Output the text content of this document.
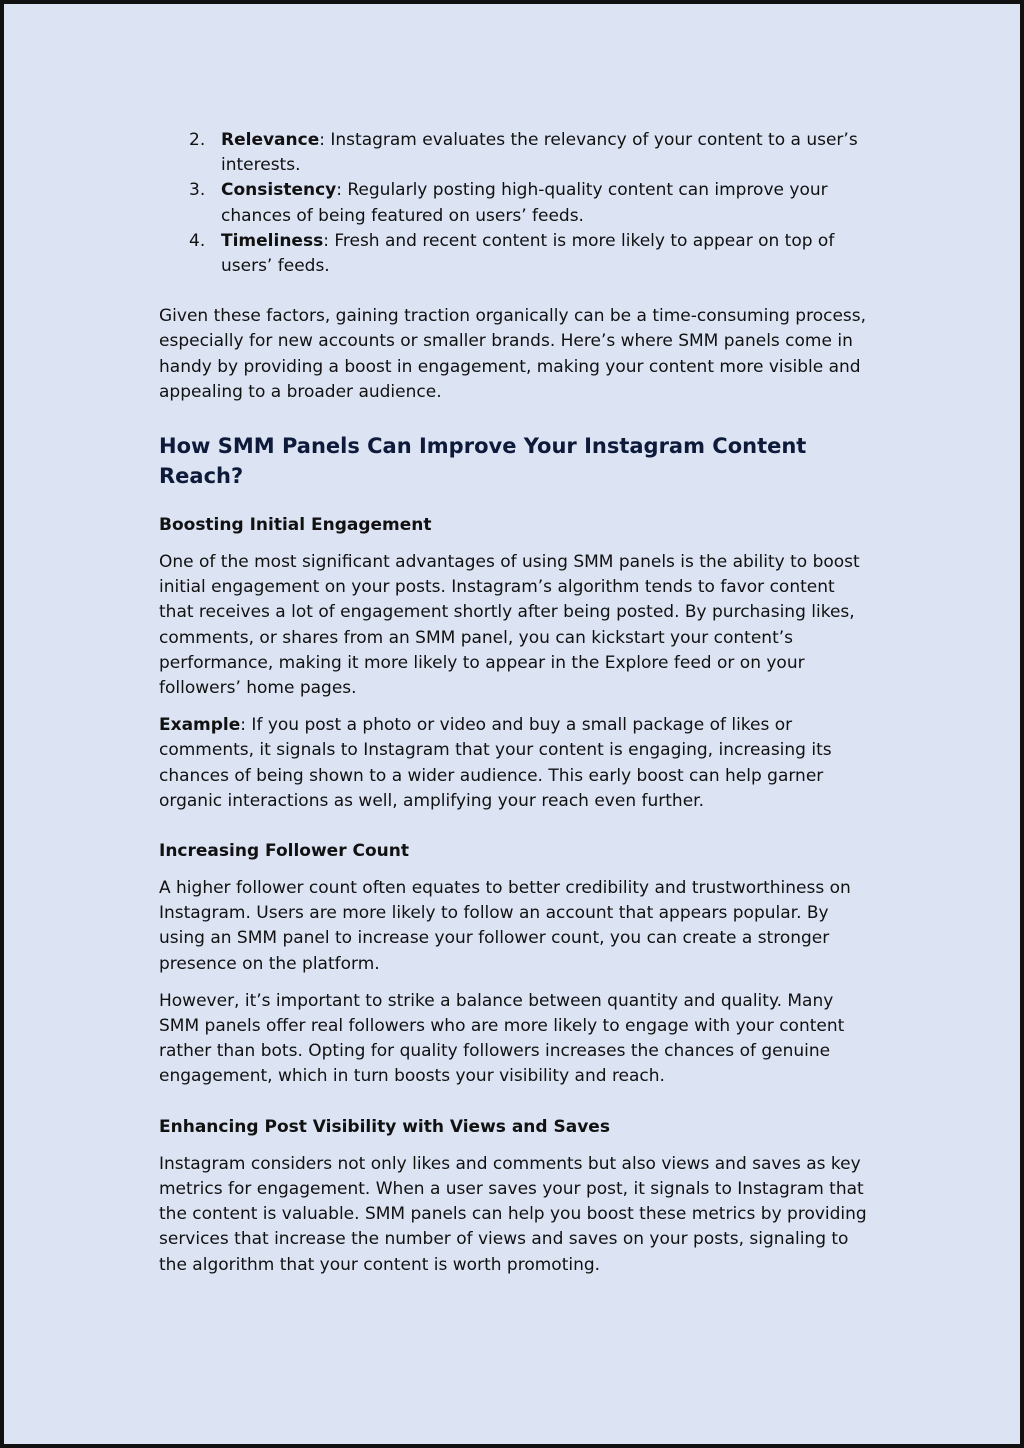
2. Relevance: Instagram evaluates the relevancy of your content to a user’s interests.
3. Consistency: Regularly posting high-quality content can improve your chances of being featured on users’ feeds.
4. Timeliness: Fresh and recent content is more likely to appear on top of users’ feeds.

Given these factors, gaining traction organically can be a time-consuming process, especially for new accounts or smaller brands. Here’s where SMM panels come in handy by providing a boost in engagement, making your content more visible and appealing to a broader audience.

How SMM Panels Can Improve Your Instagram Content Reach?
Boosting Initial Engagement

One of the most significant advantages of using SMM panels is the ability to boost initial engagement on your posts. Instagram’s algorithm tends to favor content that receives a lot of engagement shortly after being posted. By purchasing likes, comments, or shares from an SMM panel, you can kickstart your content’s performance, making it more likely to appear in the Explore feed or on your followers’ home pages.

Example: If you post a photo or video and buy a small package of likes or comments, it signals to Instagram that your content is engaging, increasing its chances of being shown to a wider audience. This early boost can help garner organic interactions as well, amplifying your reach even further.

Increasing Follower Count

A higher follower count often equates to better credibility and trustworthiness on Instagram. Users are more likely to follow an account that appears popular. By using an SMM panel to increase your follower count, you can create a stronger presence on the platform.

However, it’s important to strike a balance between quantity and quality. Many SMM panels offer real followers who are more likely to engage with your content rather than bots. Opting for quality followers increases the chances of genuine engagement, which in turn boosts your visibility and reach.

Enhancing Post Visibility with Views and Saves

Instagram considers not only likes and comments but also views and saves as key metrics for engagement. When a user saves your post, it signals to Instagram that the content is valuable. SMM panels can help you boost these metrics by providing services that increase the number of views and saves on your posts, signaling to the algorithm that your content is worth promoting.
